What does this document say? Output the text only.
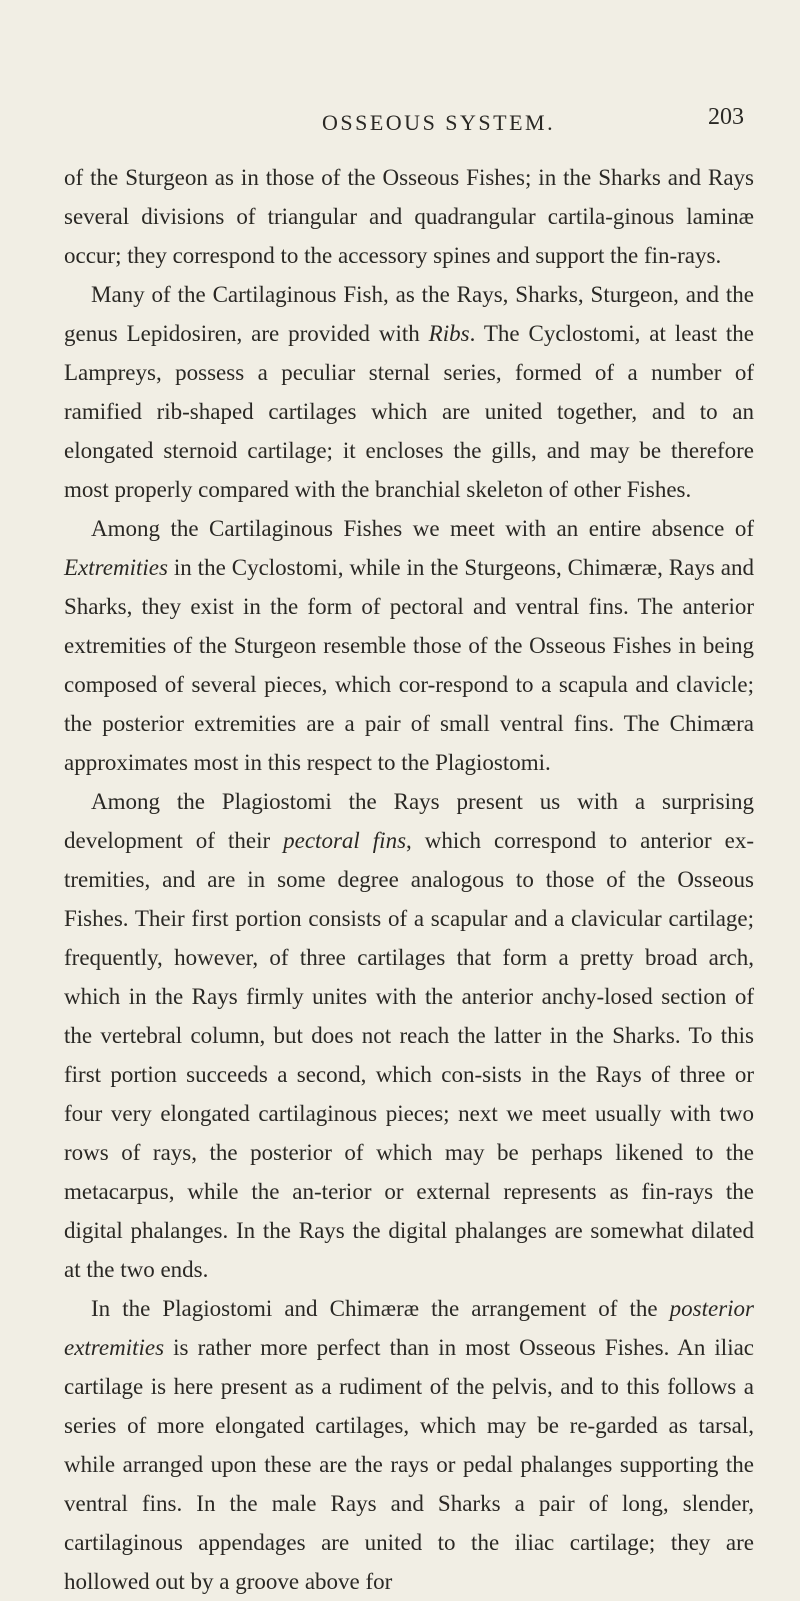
OSSEOUS SYSTEM.	203

of the Sturgeon as in those of the Osseous Fishes; in the Sharks and Rays several divisions of triangular and quadrangular cartila-ginous laminæ occur; they correspond to the accessory spines and support the fin-rays.

Many of the Cartilaginous Fish, as the Rays, Sharks, Sturgeon, and the genus Lepidosiren, are provided with Ribs. The Cyclostomi, at least the Lampreys, possess a peculiar sternal series, formed of a number of ramified rib-shaped cartilages which are united together, and to an elongated sternoid cartilage; it encloses the gills, and may be therefore most properly compared with the branchial skeleton of other Fishes.

Among the Cartilaginous Fishes we meet with an entire absence of Extremities in the Cyclostomi, while in the Sturgeons, Chimæræ, Rays and Sharks, they exist in the form of pectoral and ventral fins. The anterior extremities of the Sturgeon resemble those of the Osseous Fishes in being composed of several pieces, which cor-respond to a scapula and clavicle; the posterior extremities are a pair of small ventral fins. The Chimæra approximates most in this respect to the Plagiostomi.

Among the Plagiostomi the Rays present us with a surprising development of their pectoral fins, which correspond to anterior ex-tremities, and are in some degree analogous to those of the Osseous Fishes. Their first portion consists of a scapular and a clavicular cartilage; frequently, however, of three cartilages that form a pretty broad arch, which in the Rays firmly unites with the anterior anchy-losed section of the vertebral column, but does not reach the latter in the Sharks. To this first portion succeeds a second, which con-sists in the Rays of three or four very elongated cartilaginous pieces; next we meet usually with two rows of rays, the posterior of which may be perhaps likened to the metacarpus, while the an-terior or external represents as fin-rays the digital phalanges. In the Rays the digital phalanges are somewhat dilated at the two ends.

In the Plagiostomi and Chimæræ the arrangement of the posterior extremities is rather more perfect than in most Osseous Fishes. An iliac cartilage is here present as a rudiment of the pelvis, and to this follows a series of more elongated cartilages, which may be re-garded as tarsal, while arranged upon these are the rays or pedal phalanges supporting the ventral fins. In the male Rays and Sharks a pair of long, slender, cartilaginous appendages are united to the iliac cartilage; they are hollowed out by a groove above for
